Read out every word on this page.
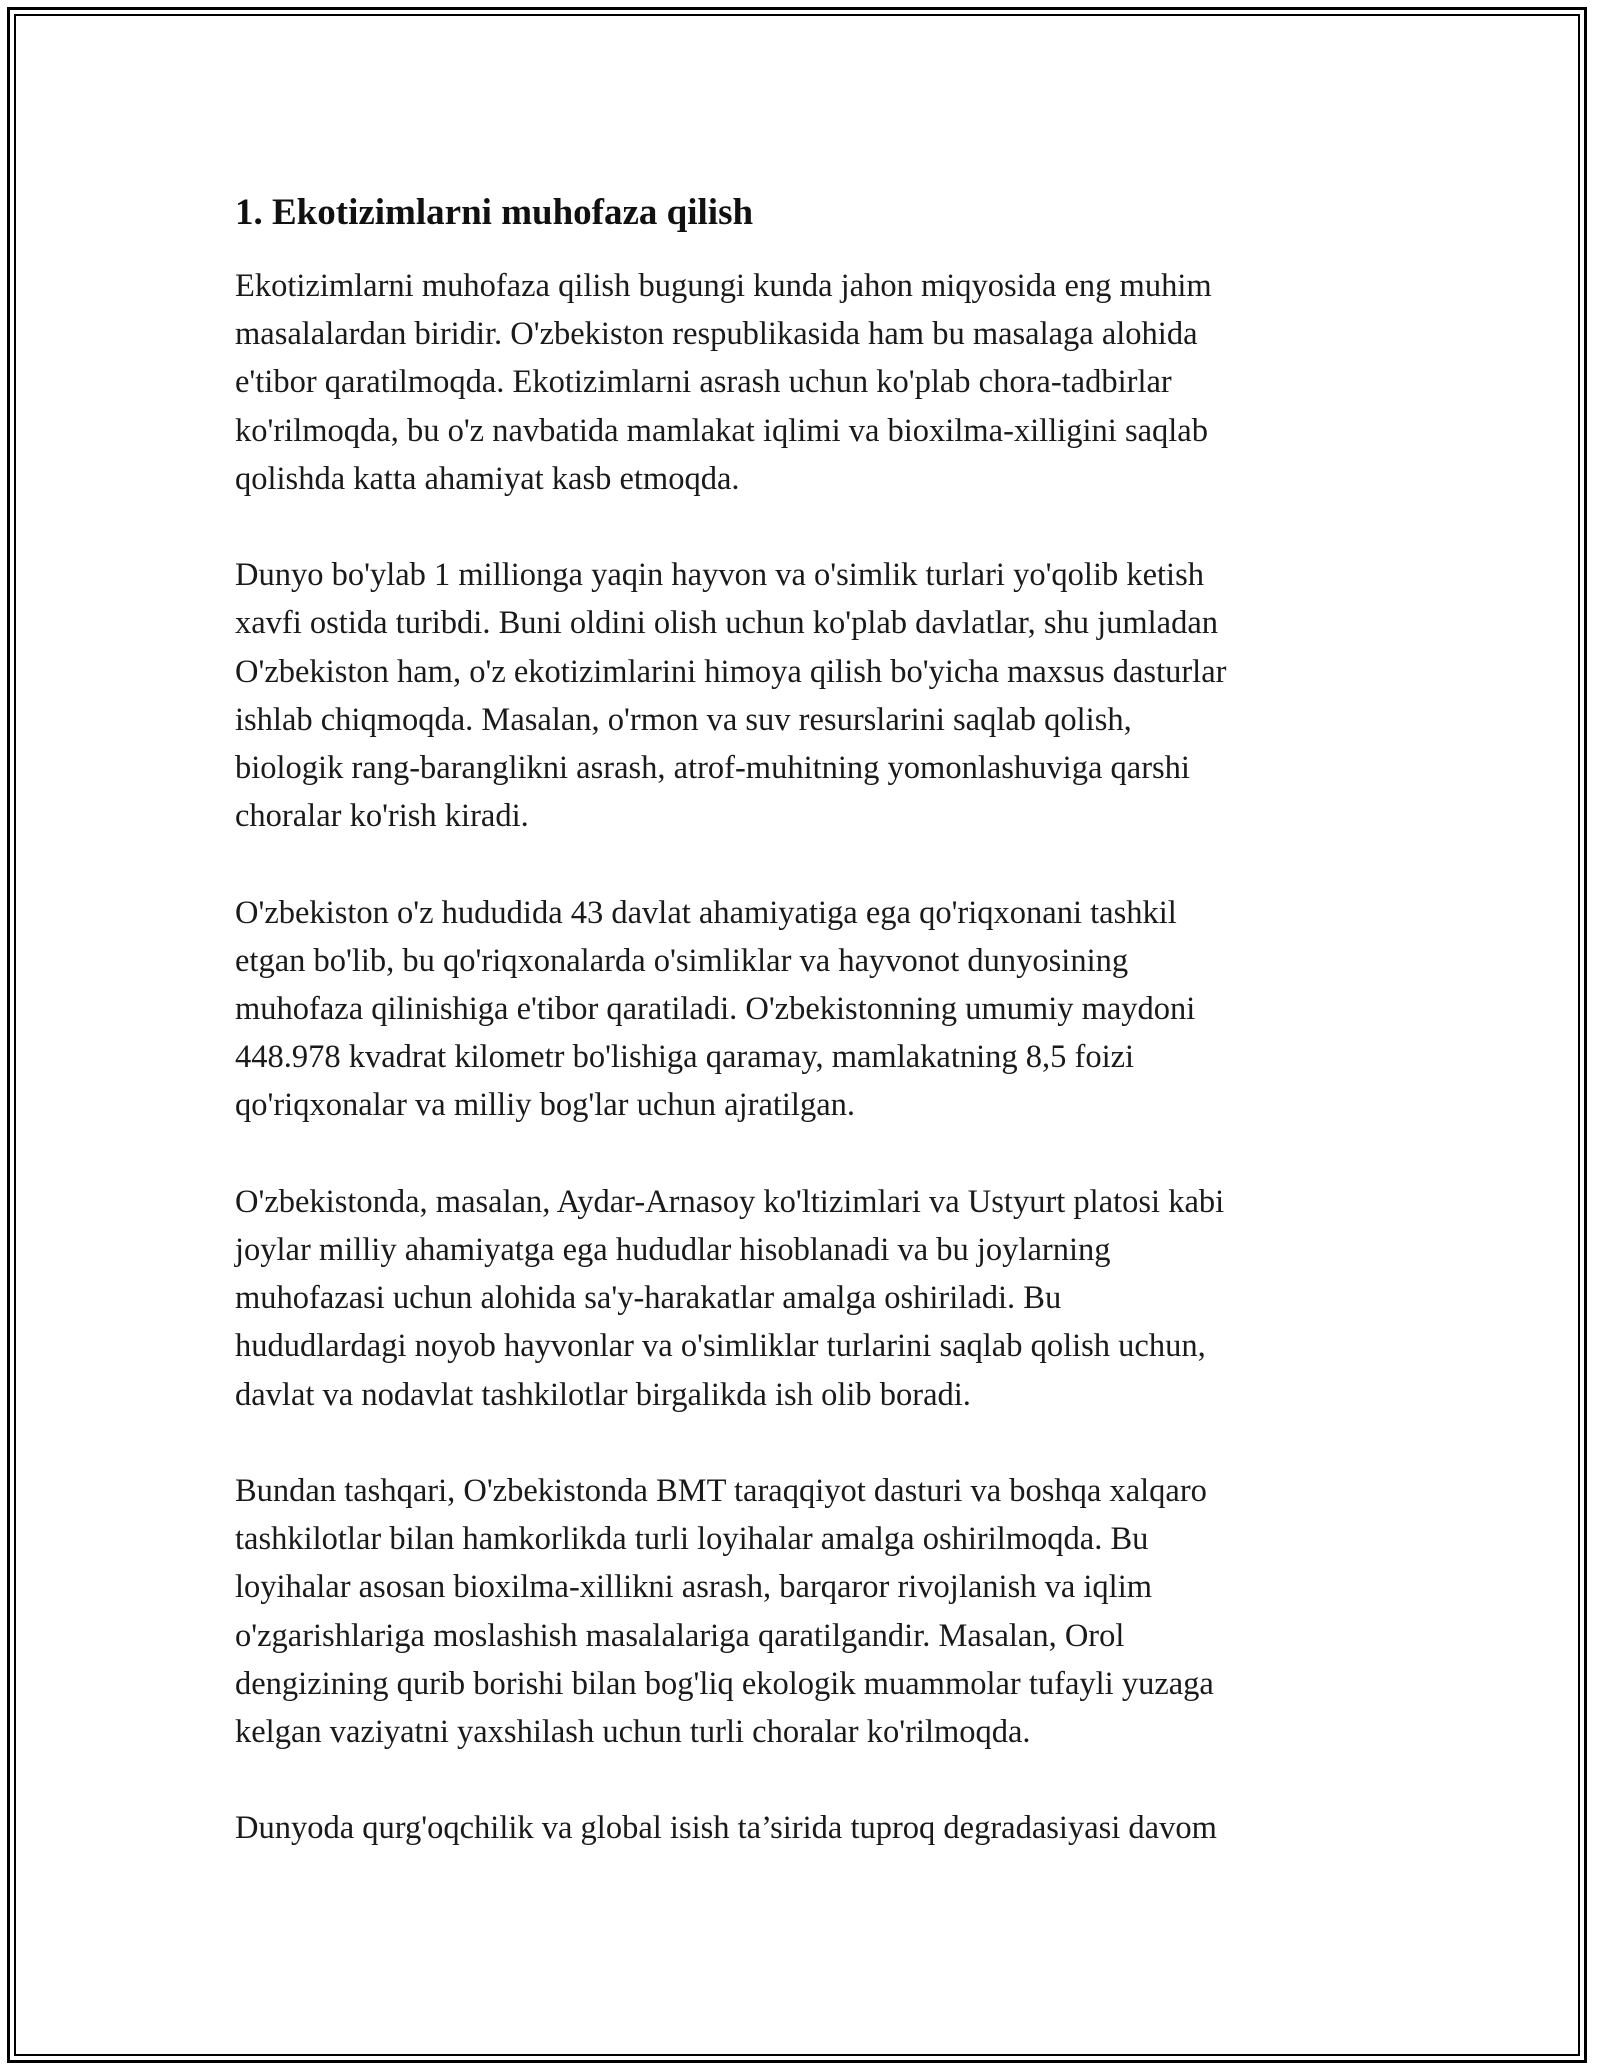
1. Ekotizimlarni muhofaza qilish

Ekotizimlarni muhofaza qilish bugungi kunda jahon miqyosida eng muhim
masalalardan biridir. O'zbekiston respublikasida ham bu masalaga alohida
e'tibor qaratilmoqda. Ekotizimlarni asrash uchun ko'plab chora-tadbirlar
ko'rilmoqda, bu o'z navbatida mamlakat iqlimi va bioxilma-xilligini saqlab
qolishda katta ahamiyat kasb etmoqda.

Dunyo bo'ylab 1 millionga yaqin hayvon va o'simlik turlari yo'qolib ketish
xavfi ostida turibdi. Buni oldini olish uchun ko'plab davlatlar, shu jumladan
O'zbekiston ham, o'z ekotizimlarini himoya qilish bo'yicha maxsus dasturlar
ishlab chiqmoqda. Masalan, o'rmon va suv resurslarini saqlab qolish,
biologik rang-baranglikni asrash, atrof-muhitning yomonlashuviga qarshi
choralar ko'rish kiradi.

O'zbekiston o'z hududida 43 davlat ahamiyatiga ega qo'riqxonani tashkil
etgan bo'lib, bu qo'riqxonalarda o'simliklar va hayvonot dunyosining
muhofaza qilinishiga e'tibor qaratiladi. O'zbekistonning umumiy maydoni
448.978 kvadrat kilometr bo'lishiga qaramay, mamlakatning 8,5 foizi
qo'riqxonalar va milliy bog'lar uchun ajratilgan.

O'zbekistonda, masalan, Aydar-Arnasoy ko'ltizimlari va Ustyurt platosi kabi
joylar milliy ahamiyatga ega hududlar hisoblanadi va bu joylarning
muhofazasi uchun alohida sa'y-harakatlar amalga oshiriladi. Bu
hududlardagi noyob hayvonlar va o'simliklar turlarini saqlab qolish uchun,
davlat va nodavlat tashkilotlar birgalikda ish olib boradi.

Bundan tashqari, O'zbekistonda BMT taraqqiyot dasturi va boshqa xalqaro
tashkilotlar bilan hamkorlikda turli loyihalar amalga oshirilmoqda. Bu
loyihalar asosan bioxilma-xillikni asrash, barqaror rivojlanish va iqlim
o'zgarishlariga moslashish masalalariga qaratilgandir. Masalan, Orol
dengizining qurib borishi bilan bog'liq ekologik muammolar tufayli yuzaga
kelgan vaziyatni yaxshilash uchun turli choralar ko'rilmoqda.

Dunyoda qurg'oqchilik va global isish ta’sirida tuproq degradasiyasi davom
